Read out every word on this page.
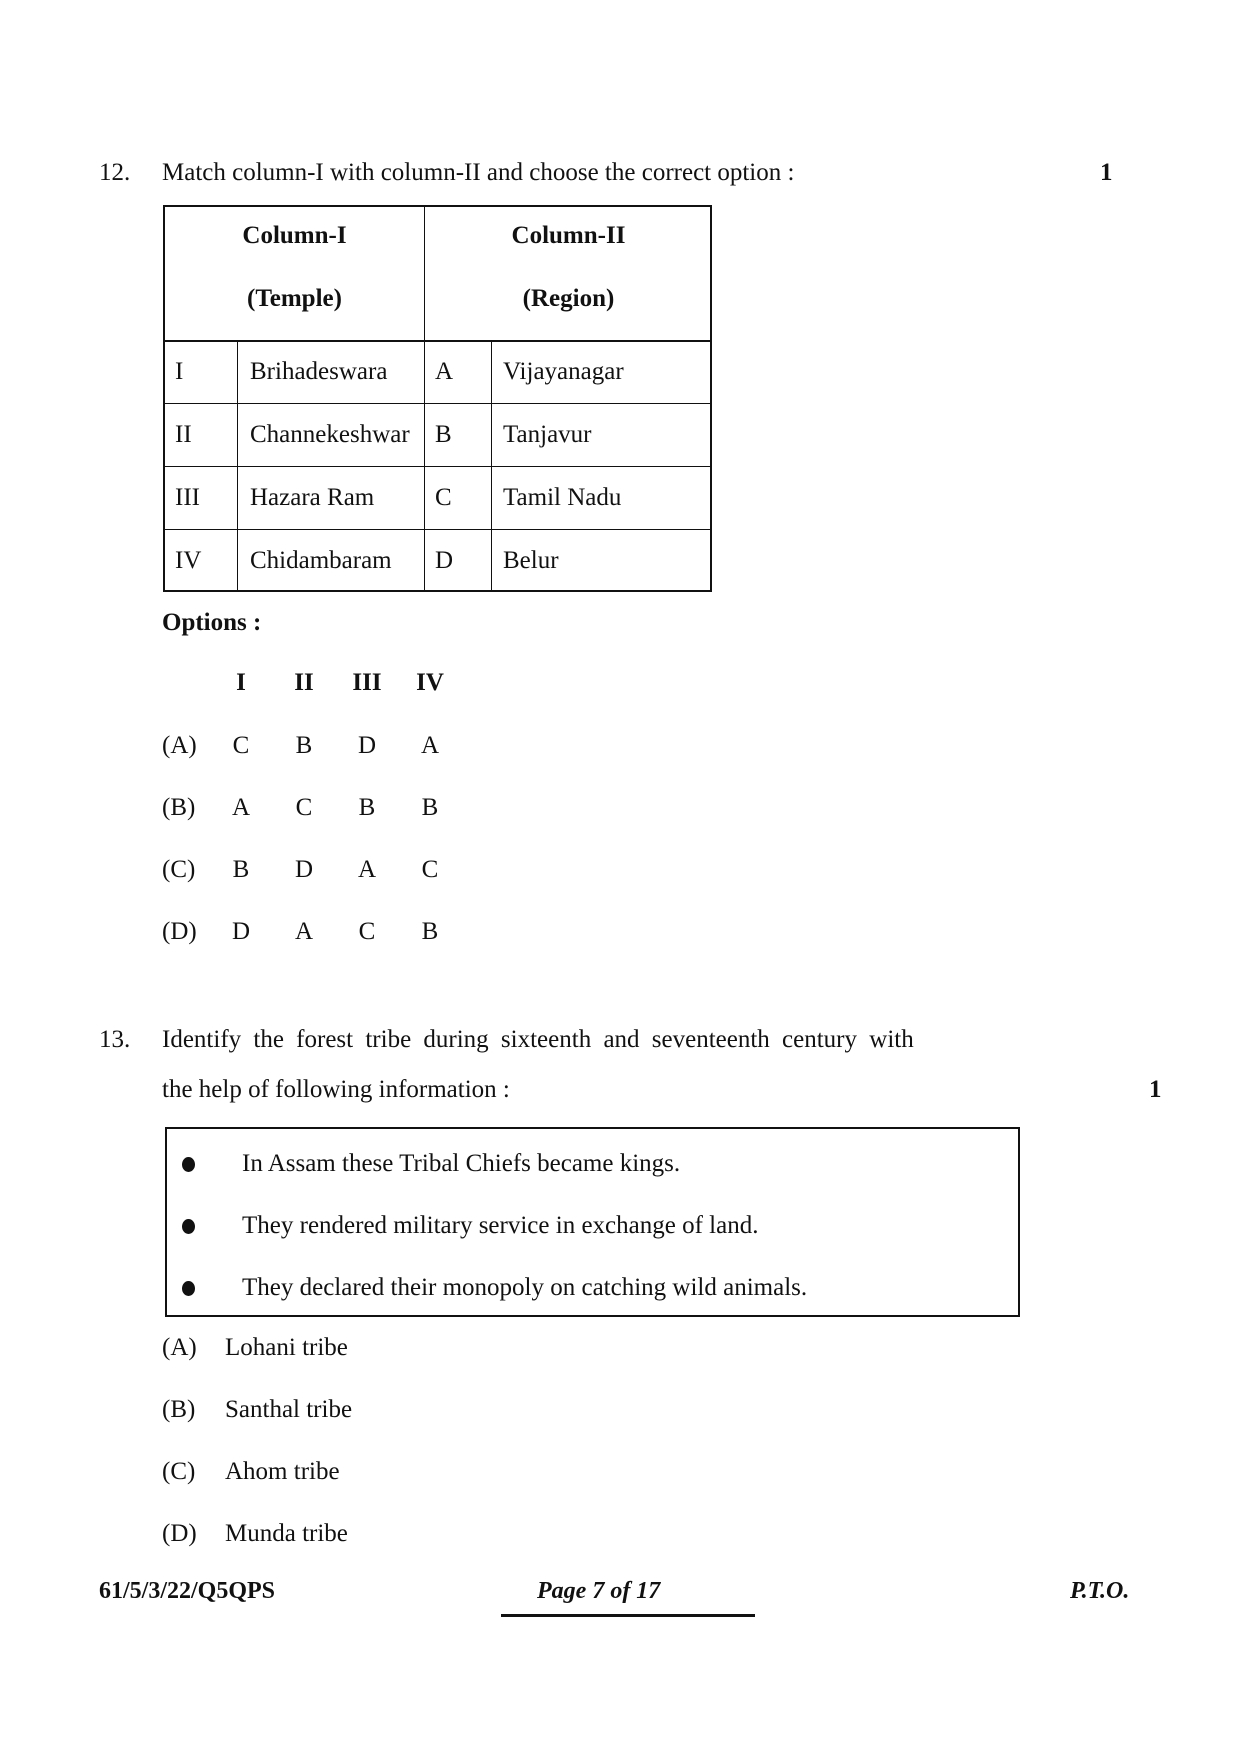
12. Match column-I with column-II and choose the correct option :	1
Column-I
(Temple)
Column-II
(Region)
I	Brihadeswara A Vijayanagar
II Channekeshwar B Tanjavur
III Hazara Ram C Tamil Nadu
IV Chidambaram D Belur
Options :
I	II	III IV
(A)	C	B	D	A
(B)	A	C	B	B
(C)	B	D	A	C
(D)	D	A	C	B
13. Identify the forest tribe during sixteenth and seventeenth century with
the help of following information :	1
In Assam these Tribal Chiefs became kings.
They rendered military service in exchange of land.
They declared their monopoly on catching wild animals.
(A) Lohani tribe
(B) Santhal tribe
(C) Ahom tribe
(D) Munda tribe
61/5/3/22/Q5QPS	Page 7 of 17	P.T.O.
